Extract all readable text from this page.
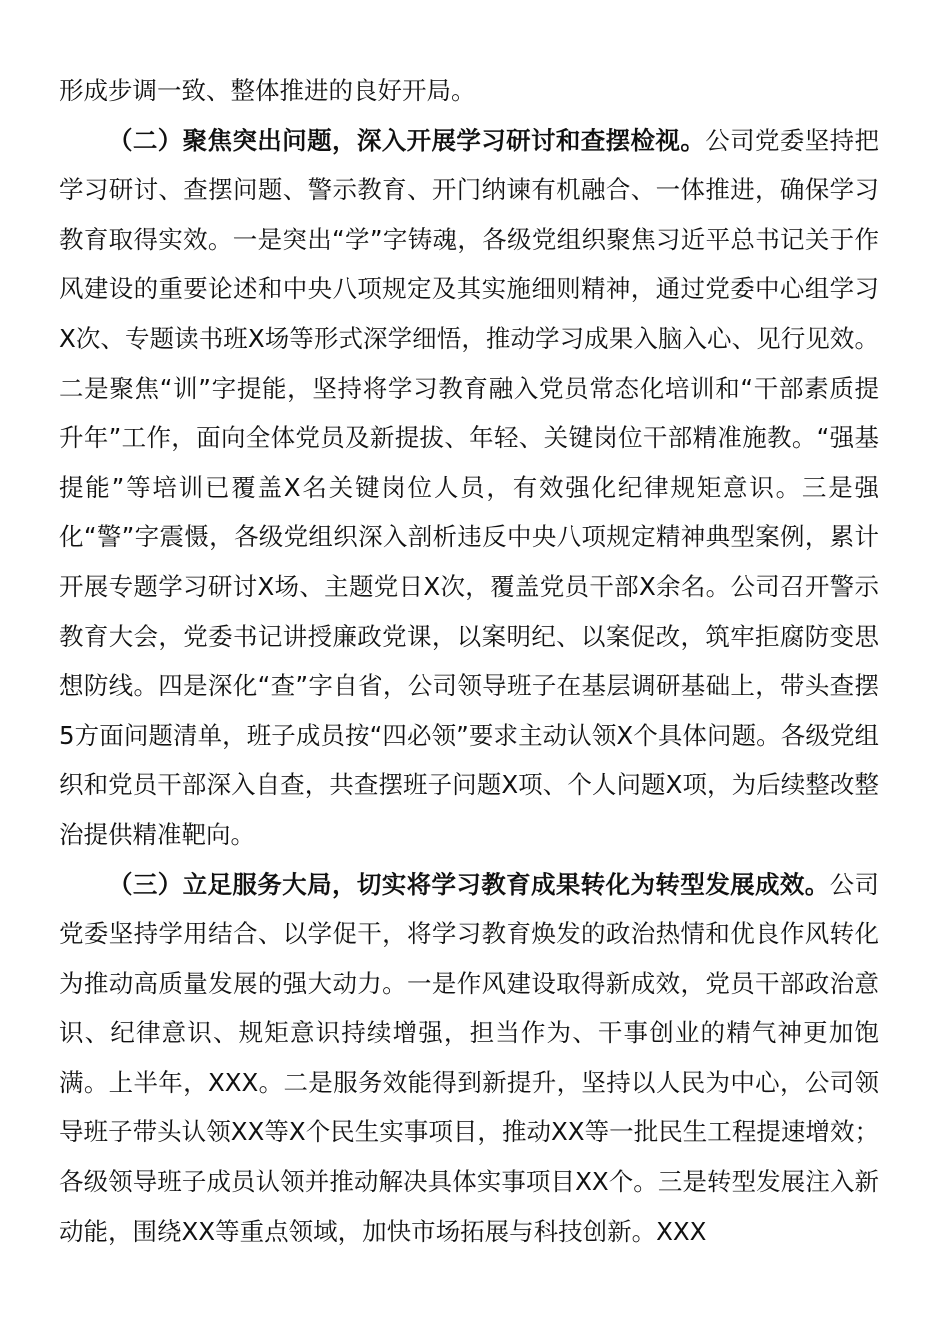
形成步调一致、整体推进的良好开局。

（二）聚焦突出问题，深入开展学习研讨和查摆检视。公司党委坚持把学习研讨、查摆问题、警示教育、开门纳谏有机融合、一体推进，确保学习教育取得实效。一是突出“学”字铸魂，各级党组织聚焦习近平总书记关于作风建设的重要论述和中央八项规定及其实施细则精神，通过党委中心组学习X次、专题读书班X场等形式深学细悟，推动学习成果入脑入心、见行见效。二是聚焦“训”字提能，坚持将学习教育融入党员常态化培训和“干部素质提升年”工作，面向全体党员及新提拔、年轻、关键岗位干部精准施教。“强基提能”等培训已覆盖X名关键岗位人员，有效强化纪律规矩意识。三是强化“警”字震慑，各级党组织深入剖析违反中央八项规定精神典型案例，累计开展专题学习研讨X场、主题党日X次，覆盖党员干部X余名。公司召开警示教育大会，党委书记讲授廉政党课，以案明纪、以案促改，筑牢拒腐防变思想防线。四是深化“查”字自省，公司领导班子在基层调研基础上，带头查摆5方面问题清单，班子成员按“四必领”要求主动认领X个具体问题。各级党组织和党员干部深入自查，共查摆班子问题X项、个人问题X项，为后续整改整治提供精准靶向。

（三）立足服务大局，切实将学习教育成果转化为转型发展成效。公司党委坚持学用结合、以学促干，将学习教育焕发的政治热情和优良作风转化为推动高质量发展的强大动力。一是作风建设取得新成效，党员干部政治意识、纪律意识、规矩意识持续增强，担当作为、干事创业的精气神更加饱满。上半年，XXX。二是服务效能得到新提升，坚持以人民为中心，公司领导班子带头认领XX等X个民生实事项目，推动XX等一批民生工程提速增效；各级领导班子成员认领并推动解决具体实事项目XX个。三是转型发展注入新动能，围绕XX等重点领域，加快市场拓展与科技创新。XXX
